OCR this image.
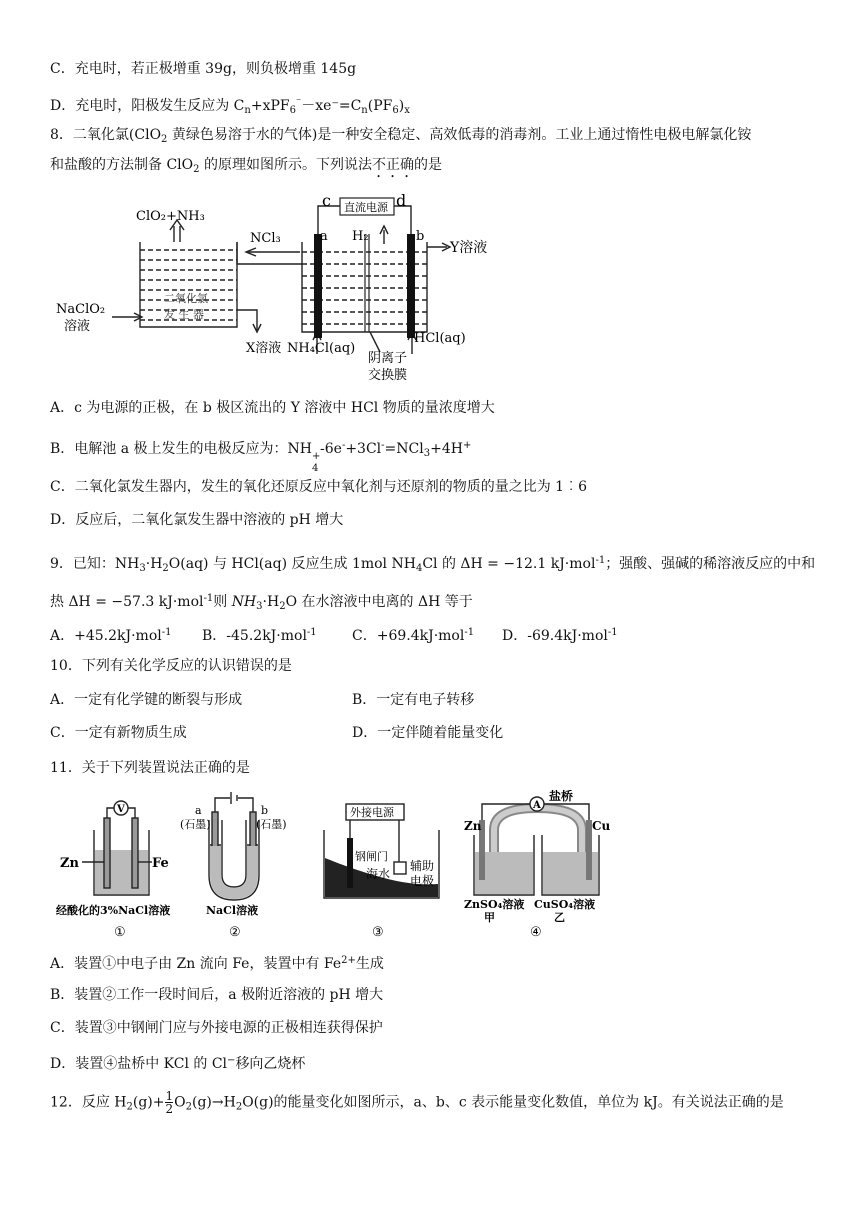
C．充电时，若正极增重 39g，则负极增重 145g
D．充电时，阳极发生反应为 $C_n+xPF_6^{^-}-xe^-=C_n(PF_6)_x$
8．二氧化氯(ClO$_2$ 黄绿色易溶于水的气体)是一种安全稳定、高效低毒的消毒剂。工业上通过惰性电极电解氯化铵
和盐酸的方法制备 ClO$_2$ 的原理如图所示。下列说法不正确的是
ClO₂+NH₃
NCl₃
NaClO₂
溶液
二氧化氯
发 生 器
X溶液
直流电源
c	d
a	b
H₂
Y溶液
NH₄Cl(aq)
HCl(aq)
阴离子
交换膜
A．c 为电源的正极，在 b 极区流出的 Y 溶液中 HCl 物质的量浓度增大
B．电解池 a 极上发生的电极反应为：NH +
4
-6e-+3Cl-=NCl$_3$+4H+
C．二氧化氯发生器内，发生的氧化还原反应中氧化剂与还原剂的物质的量之比为 1︰6
D．反应后，二氧化氯发生器中溶液的 pH 增大
9．已知：$NH_3\cdot H_2O(aq)$ 与 HCl(aq) 反应生成 1mol $NH_4Cl$ 的 ΔH = −12.1 kJ·mol$^{-1}$；强酸、强碱的稀溶液反应的中和
热 ΔH = −57.3 kJ·mol$^{-1}$则 $NH_3\cdot H_2O$ 在水溶液中电离的 ΔH 等于
A．+45.2kJ·mol$^{-1}$ B．-45.2kJ·mol$^{-1}$	C．+69.4kJ·mol$^{-1}$ D．-69.4kJ·mol$^{-1}$
10．下列有关化学反应的认识错误的是
A．一定有化学键的断裂与形成	B．一定有电子转移
C．一定有新物质生成	D．一定伴随着能量变化
11．关于下列装置说法正确的是
V
Zn	Fe
经酸化的3%NaCl溶液
①
a	b
(石墨)	(石墨)
NaCl溶液
②
外接电源
钢闸门
辅助
电极
海水
③
A
盐桥
Zn	Cu
ZnSO₄溶液 CuSO₄溶液
甲	乙
④
A．装置①中电子由 Zn 流向 Fe，装置中有 $Fe^{2+}$生成
B．装置②工作一段时间后，a 极附近溶液的 pH 增大
C．装置③中钢闸门应与外接电源的正极相连获得保护
D．装置④盐桥中 KCl 的 Cl−移向乙烧杯
12．反应 $H_2(g)+ \frac{1}{2} O_2(g)\to H_2O(g)$的能量变化如图所示，a、b、c 表示能量变化数值，单位为 kJ。有关说法正确的是
